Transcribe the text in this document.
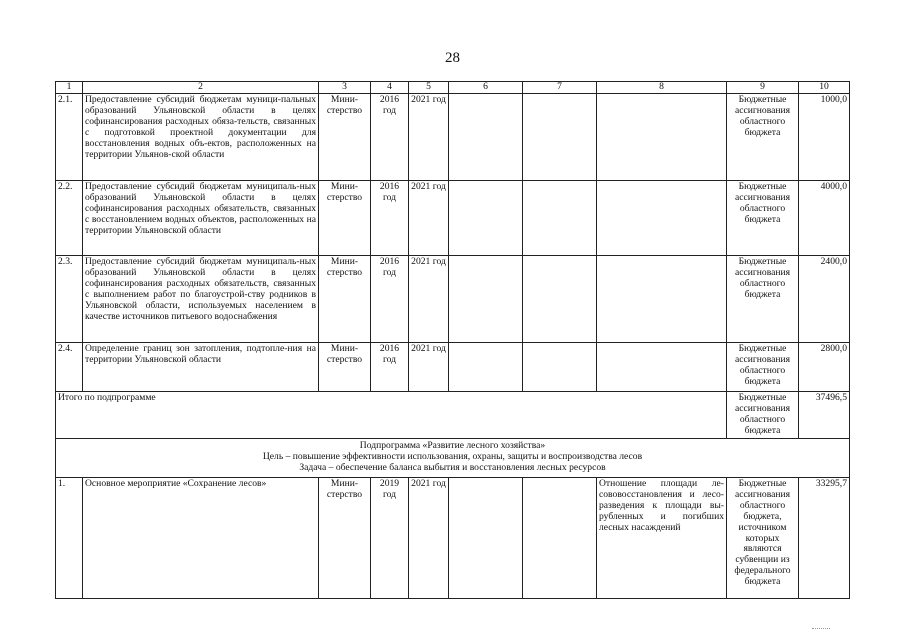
28
1	2	3	4	5	6	7	8	9	10
2.1.	Предоставление субсидий бюджетам муници-пальных образований Ульяновской области в целях софинансирования расходных обяза-тельств, связанных с подготовкой проектной документации для восстановления водных объ-ектов, расположенных на территории Ульянов-ской области	Мини-стерство	2016 год	2021 год				Бюджетные ассигнования областного бюджета	1000,0
2.2.	Предоставление субсидий бюджетам муниципаль-ных образований Ульяновской области в целях софинансирования расходных обязательств, связанных с восстановлением водных объектов, расположенных на территории Ульяновской области	Мини-стерство	2016 год	2021 год				Бюджетные ассигнования областного бюджета	4000,0
2.3.	Предоставление субсидий бюджетам муниципаль-ных образований Ульяновской области в целях софинансирования расходных обязательств, связанных с выполнением работ по благоустрой-ству родников в Ульяновской области, используемых населением в качестве источников питьевого водоснабжения	Мини-стерство	2016 год	2021 год				Бюджетные ассигнования областного бюджета	2400,0
2.4.	Определение границ зон затопления, подтопле-ния на территории Ульяновской области	Мини-стерство	2016 год	2021 год				Бюджетные ассигнования областного бюджета	2800,0
Итого по подпрограмме								Бюджетные ассигнования областного бюджета	37496,5

Подпрограмма «Развитие лесного хозяйства»
Цель – повышение эффективности использования, охраны, защиты и воспроизводства лесов
Задача – обеспечение баланса выбытия и восстановления лесных ресурсов									

1.	Основное мероприятие «Сохранение лесов»	Мини-стерство	2019 год	2021 год			Отношение площади ле-сововосстановления и лесо-разведения к площади вы-рубленных и погибших лесных насаждений	Бюджетные ассигнования областного бюджета, источником которых являются субвенции из федерального бюджета	33295,7
